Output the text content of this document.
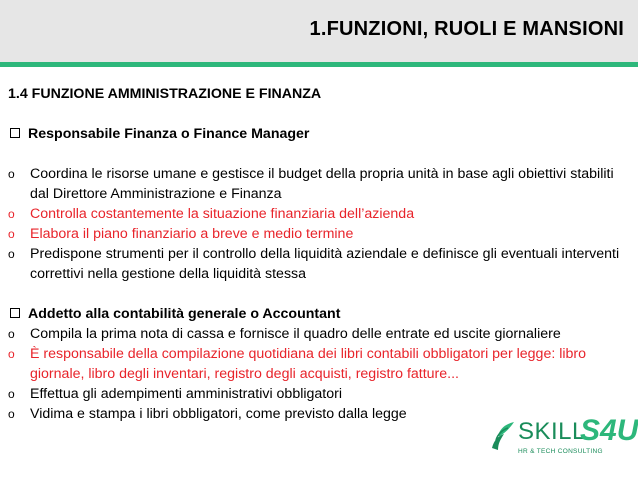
1.FUNZIONI, RUOLI E MANSIONI
1.4 FUNZIONE AMMINISTRAZIONE E FINANZA
Responsabile Finanza o Finance Manager
o Coordina le risorse umane e gestisce il budget della propria unità in base agli obiettivi stabiliti dal Direttore Amministrazione e Finanza
o Controlla costantemente la situazione finanziaria dell’azienda
o Elabora il piano finanziario a breve e medio termine
o Predispone strumenti per il controllo della liquidità aziendale e definisce gli eventuali interventi correttivi nella gestione della liquidità stessa
Addetto alla contabilità generale o Accountant
o Compila la prima nota di cassa e fornisce il quadro delle entrate ed uscite giornaliere
o È responsabile della compilazione quotidiana dei libri contabili obbligatori per legge: libro giornale, libro degli inventari, registro degli acquisti, registro fatture...
o Effettua gli adempimenti amministrativi obbligatori
o Vidima e stampa i libri obbligatori, come previsto dalla legge
SKILL
S4U
HR & TECH CONSULTING
